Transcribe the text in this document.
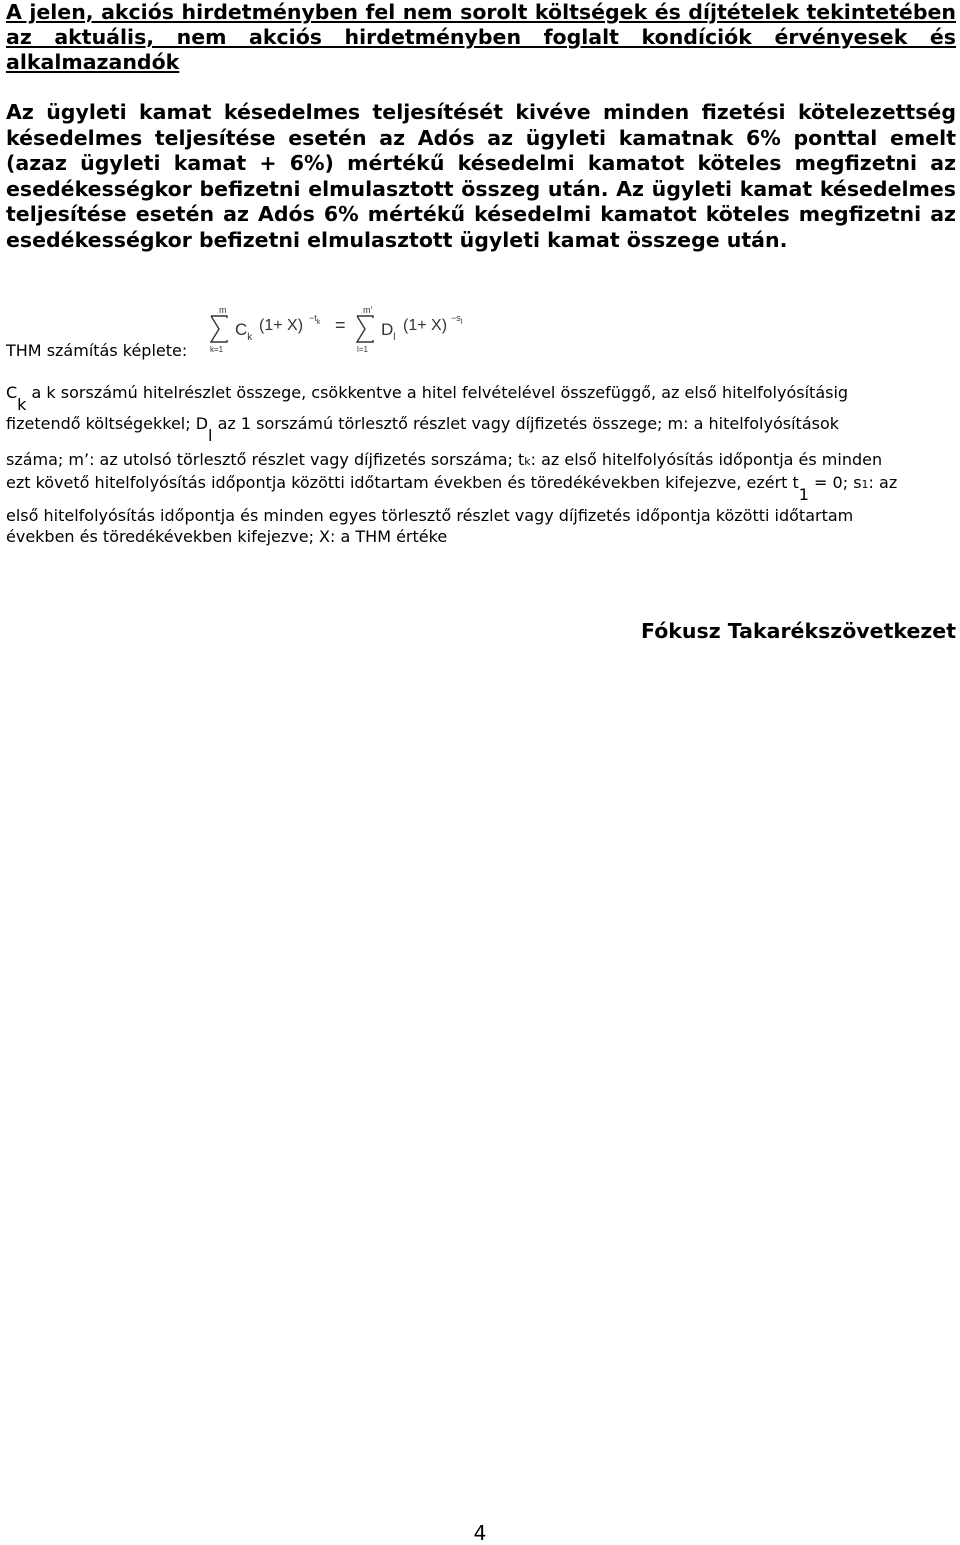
A jelen, akciós hirdetményben fel nem sorolt költségek és díjtételek tekintetében az aktuális, nem akciós hirdetményben foglalt kondíciók érvényesek és alkalmazandók
Az ügyleti kamat késedelmes teljesítését kivéve minden fizetési kötelezettség késedelmes teljesítése esetén az Adós az ügyleti kamatnak 6% ponttal emelt (azaz ügyleti kamat + 6%) mértékű késedelmi kamatot köteles megfizetni az esedékességkor befizetni elmulasztott összeg után. Az ügyleti kamat késedelmes teljesítése esetén az Adós 6% mértékű késedelmi kamatot köteles megfizetni az esedékességkor befizetni elmulasztott ügyleti kamat összege után.
THM számítás képlete:
m
k=1
$C_k$
$(1+ X) -t_k$ =
m’
l=1
$D_l$
$(1+ X) -s_l$
Ck a k sorszámú hitelrészlet összege, csökkentve a hitel felvételével összefüggő, az első hitelfolyósításig
fizetendő költségekkel; Dl az 1 sorszámú törlesztő részlet vagy díjfizetés összege; m: a hitelfolyósítások
száma; m’: az utolsó törlesztő részlet vagy díjfizetés sorszáma; tk: az első hitelfolyósítás időpontja és minden
ezt követő hitelfolyósítás időpontja közötti időtartam években és töredékévekben kifejezve, ezért t1 = 0; s1: az
első hitelfolyósítás időpontja és minden egyes törlesztő részlet vagy díjfizetés időpontja közötti időtartam
években és töredékévekben kifejezve; X: a THM értéke
Fókusz Takarékszövetkezet
4
